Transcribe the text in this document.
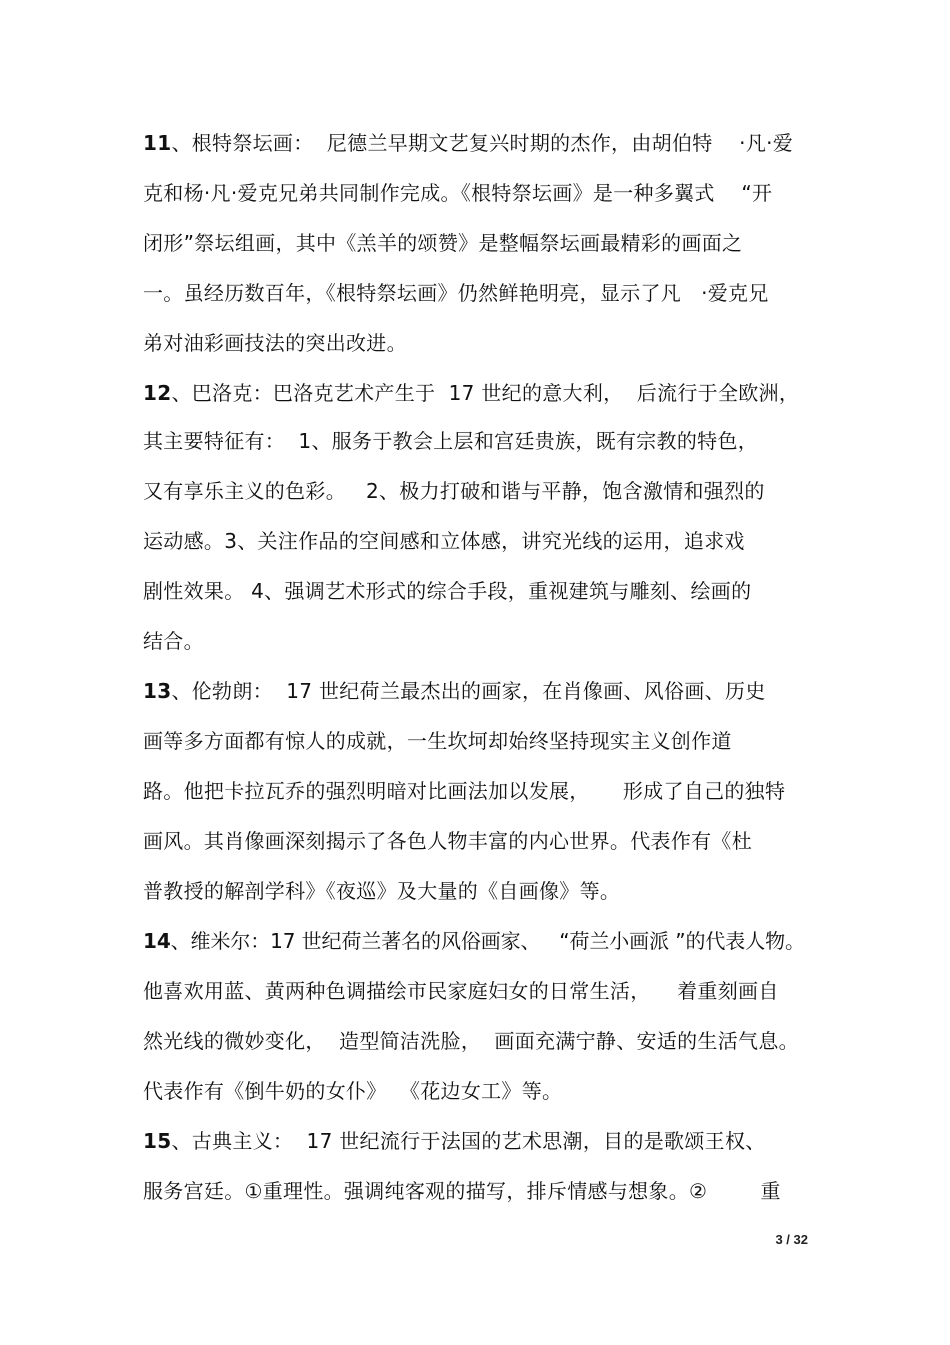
11、根特祭坛画：  尼德兰早期文艺复兴时期的杰作，由胡伯特    ·凡·爱
克和杨·凡·爱克兄弟共同制作完成。《根特祭坛画》是一种多翼式    “开
闭形”祭坛组画，其中《羔羊的颂赞》是整幅祭坛画最精彩的画面之
一。虽经历数百年，《根特祭坛画》仍然鲜艳明亮，显示了凡   ·爱克兄
弟对油彩画技法的突出改进。
12、巴洛克：巴洛克艺术产生于  17 世纪的意大利，  后流行于全欧洲，
其主要特征有：  1、服务于教会上层和宫廷贵族，既有宗教的特色，
又有享乐主义的色彩。   2、极力打破和谐与平静，饱含激情和强烈的
运动感。3、关注作品的空间感和立体感，讲究光线的运用，追求戏
剧性效果。 4、强调艺术形式的综合手段，重视建筑与雕刻、绘画的
结合。
13、伦勃朗：  17 世纪荷兰最杰出的画家，在肖像画、风俗画、历史
画等多方面都有惊人的成就，一生坎坷却始终坚持现实主义创作道
路。他把卡拉瓦乔的强烈明暗对比画法加以发展，     形成了自己的独特
画风。其肖像画深刻揭示了各色人物丰富的内心世界。代表作有《杜
普教授的解剖学科》《夜巡》及大量的《自画像》等。
14、维米尔：17 世纪荷兰著名的风俗画家、   “荷兰小画派 ”的代表人物。
他喜欢用蓝、黄两种色调描绘市民家庭妇女的日常生活，    着重刻画自
然光线的微妙变化，  造型简洁洗脸，  画面充满宁静、安适的生活气息。
代表作有《倒牛奶的女仆》  《花边女工》等。
15、古典主义：  17 世纪流行于法国的艺术思潮，目的是歌颂王权、
服务宫廷。①重理性。强调纯客观的描写，排斥情感与想象。②        重
3 / 32
